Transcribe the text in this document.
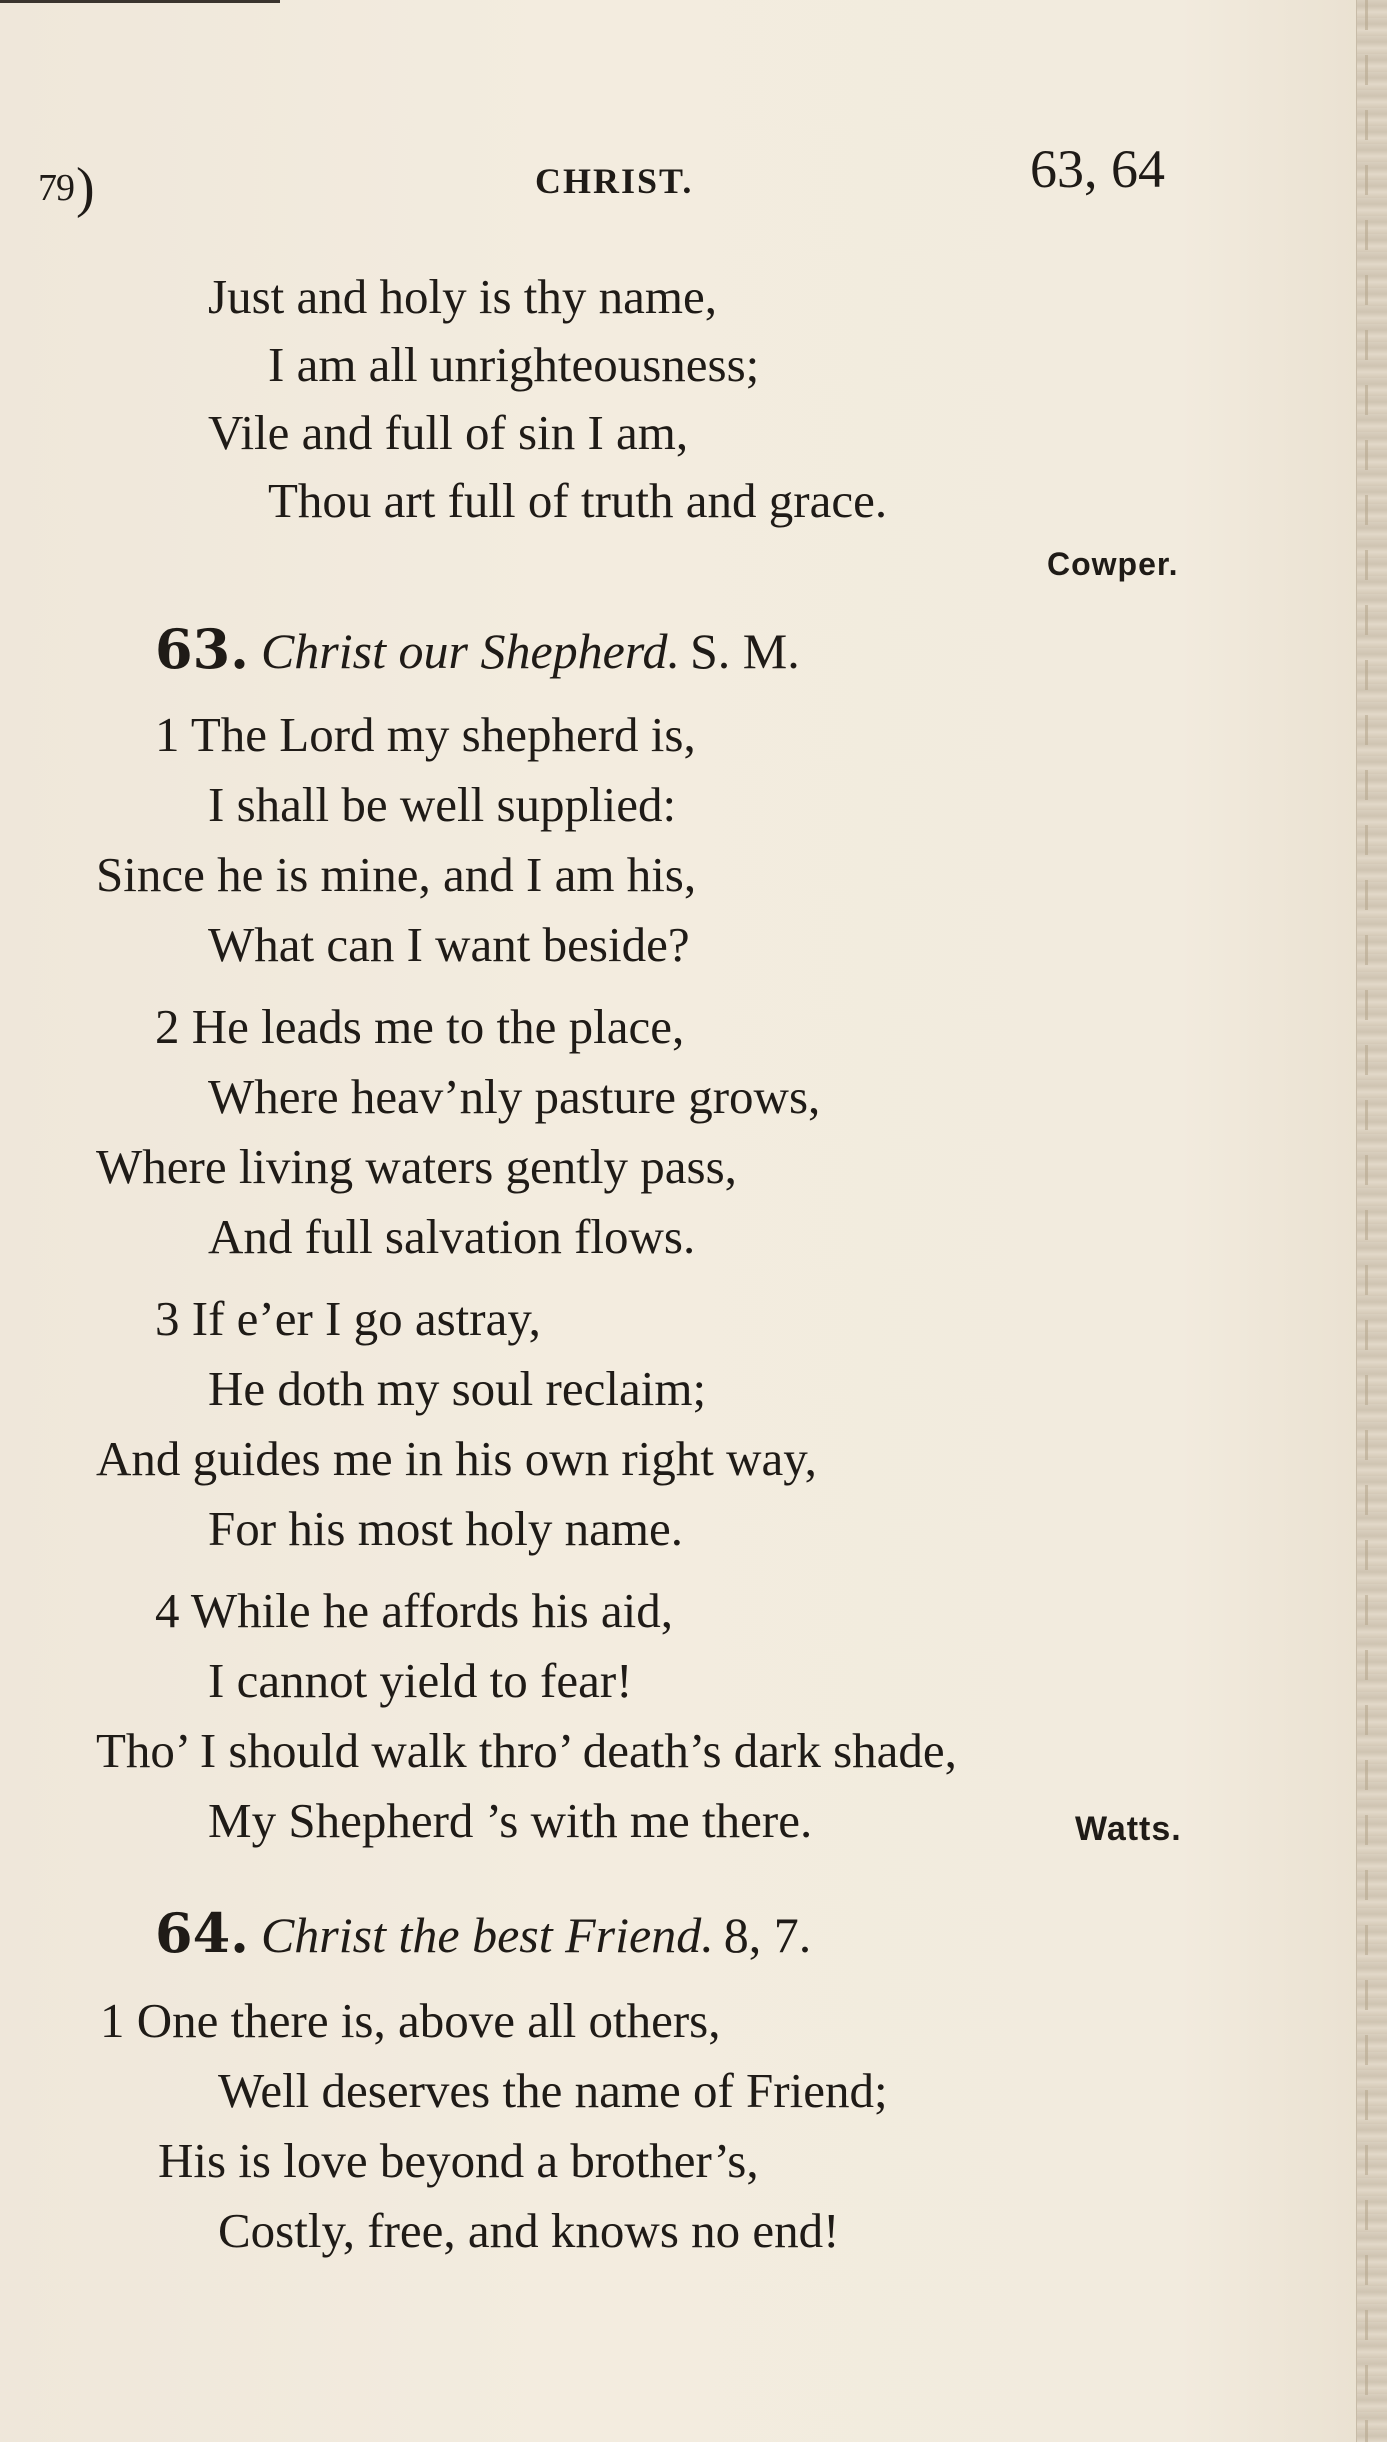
79)	CHRIST.	63, 64
Just and holy is thy name,
I am all unrighteousness;
Vile and full of sin I am,
Thou art full of truth and grace.
Cowper.
63. Christ our Shepherd. S. M.
1 The Lord my shepherd is,
I shall be well supplied:
Since he is mine, and I am his,
What can I want beside?
2 He leads me to the place,
Where heav’nly pasture grows,
Where living waters gently pass,
And full salvation flows.
3 If e’er I go astray,
He doth my soul reclaim;
And guides me in his own right way,
For his most holy name.
4 While he affords his aid,
I cannot yield to fear!
Tho’ I should walk thro’ death’s dark shade,
My Shepherd ’s with me there.	Watts.
64. Christ the best Friend. 8, 7.
1 One there is, above all others,
Well deserves the name of Friend;
His is love beyond a brother’s,
Costly, free, and knows no end!
